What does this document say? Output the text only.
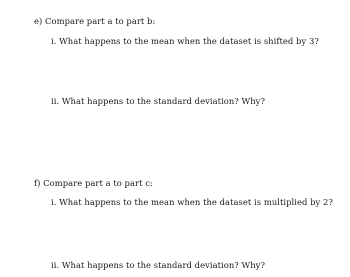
e) Compare part a to part b:
i. What happens to the mean when the dataset is shifted by 3?
ii. What happens to the standard deviation? Why?
f) Compare part a to part c:
i. What happens to the mean when the dataset is multiplied by 2?
ii. What happens to the standard deviation? Why?
